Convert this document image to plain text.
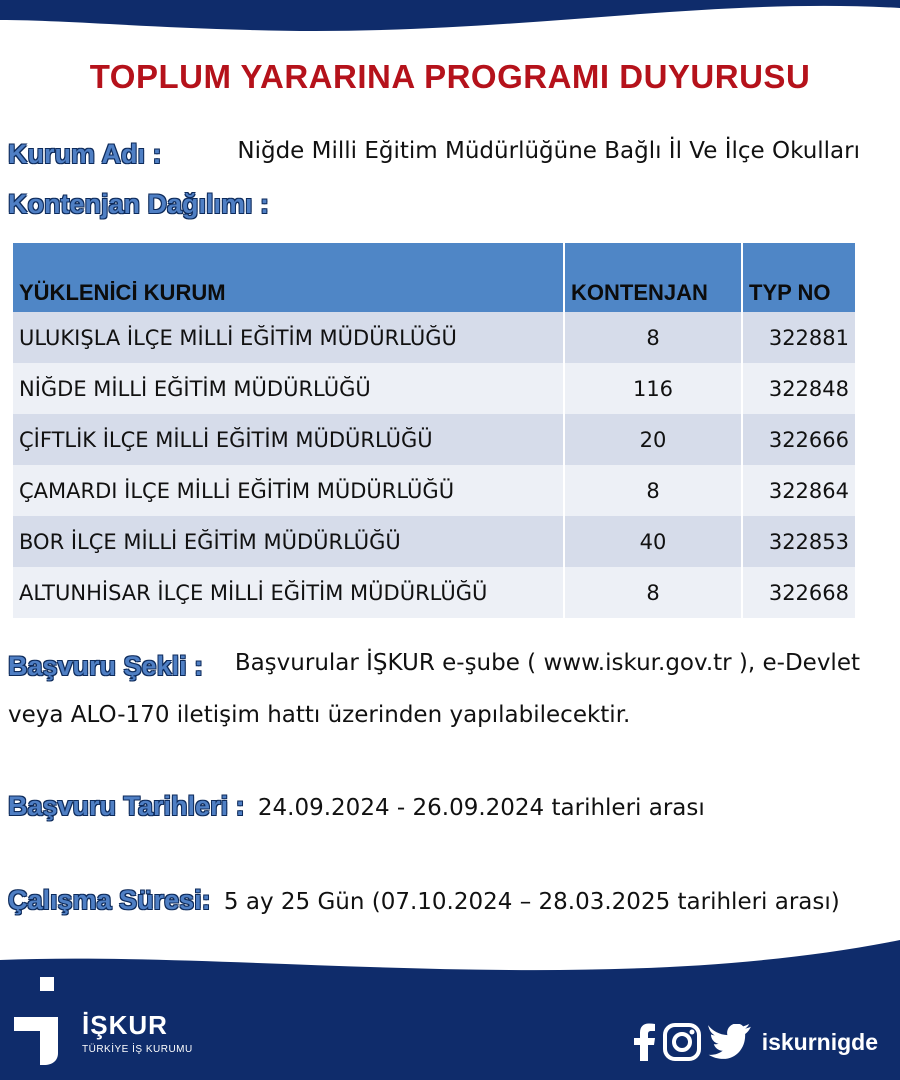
TOPLUM YARARINA PROGRAMI DUYURUSU
Kurum Adı :	Niğde Milli Eğitim Müdürlüğüne Bağlı İl Ve İlçe Okulları
Kontenjan Dağılımı :
YÜKLENİCİ KURUM	KONTENJAN	TYP NO
ULUKIŞLA İLÇE MİLLİ EĞİTİM MÜDÜRLÜĞÜ	8	322881
NİĞDE MİLLİ EĞİTİM MÜDÜRLÜĞÜ	116	322848
ÇİFTLİK İLÇE MİLLİ EĞİTİM MÜDÜRLÜĞÜ	20	322666
ÇAMARDI İLÇE MİLLİ EĞİTİM MÜDÜRLÜĞÜ	8	322864
BOR İLÇE MİLLİ EĞİTİM MÜDÜRLÜĞÜ	40	322853
ALTUNHİSAR İLÇE MİLLİ EĞİTİM MÜDÜRLÜĞÜ	8	322668
Başvuru Şekli : Başvurular İŞKUR e-şube ( www.iskur.gov.tr ), e-Devlet
veya ALO-170 iletişim hattı üzerinden yapılabilecektir.
Başvuru Tarihleri : 24.09.2024 - 26.09.2024 tarihleri arası
Çalışma Süresi: 5 ay 25 Gün (07.10.2024 – 28.03.2025 tarihleri arası)
İŞKUR
TÜRKİYE İŞ KURUMU	iskurnigde
